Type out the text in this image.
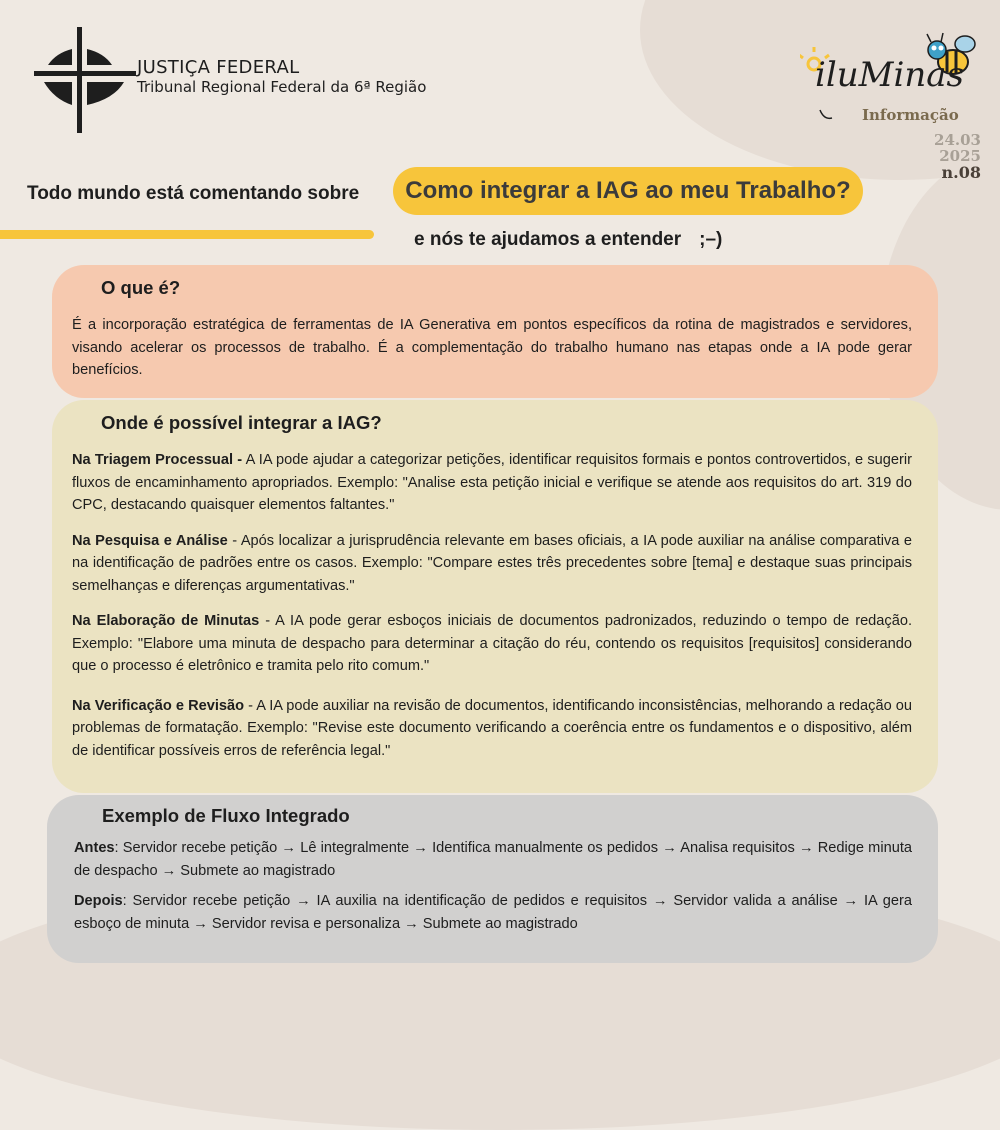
JUSTIÇA FEDERAL
Tribunal Regional Federal da 6ª Região	iluMinas
Informação
24.03
2025
n.08
Todo mundo está comentando sobre	Como integrar a IAG ao meu Trabalho?
e nós te ajudamos a entender ;–)
O que é?

É a incorporação estratégica de ferramentas de IA Generativa em pontos específicos da rotina de magistrados e servidores, visando acelerar os processos de trabalho. É a complementação do trabalho humano nas etapas onde a IA pode gerar benefícios.

Onde é possível integrar a IAG?

Na Triagem Processual - A IA pode ajudar a categorizar petições, identificar requisitos formais e pontos controvertidos, e sugerir fluxos de encaminhamento apropriados. Exemplo: "Analise esta petição inicial e verifique se atende aos requisitos do art. 319 do CPC, destacando quaisquer elementos faltantes."

Na Pesquisa e Análise - Após localizar a jurisprudência relevante em bases oficiais, a IA pode auxiliar na análise comparativa e na identificação de padrões entre os casos. Exemplo: "Compare estes três precedentes sobre [tema] e destaque suas principais semelhanças e diferenças argumentativas."

Na Elaboração de Minutas - A IA pode gerar esboços iniciais de documentos padronizados, reduzindo o tempo de redação. Exemplo: "Elabore uma minuta de despacho para determinar a citação do réu, contendo os requisitos [requisitos] considerando que o processo é eletrônico e tramita pelo rito comum."

Na Verificação e Revisão - A IA pode auxiliar na revisão de documentos, identificando inconsistências, melhorando a redação ou problemas de formatação. Exemplo: "Revise este documento verificando a coerência entre os fundamentos e o dispositivo, além de identificar possíveis erros de referência legal."

Exemplo de Fluxo Integrado

Antes: Servidor recebe petição → Lê integralmente → Identifica manualmente os pedidos → Analisa requisitos → Redige minuta de despacho → Submete ao magistrado

Depois: Servidor recebe petição → IA auxilia na identificação de pedidos e requisitos → Servidor valida a análise → IA gera esboço de minuta → Servidor revisa e personaliza → Submete ao magistrado
